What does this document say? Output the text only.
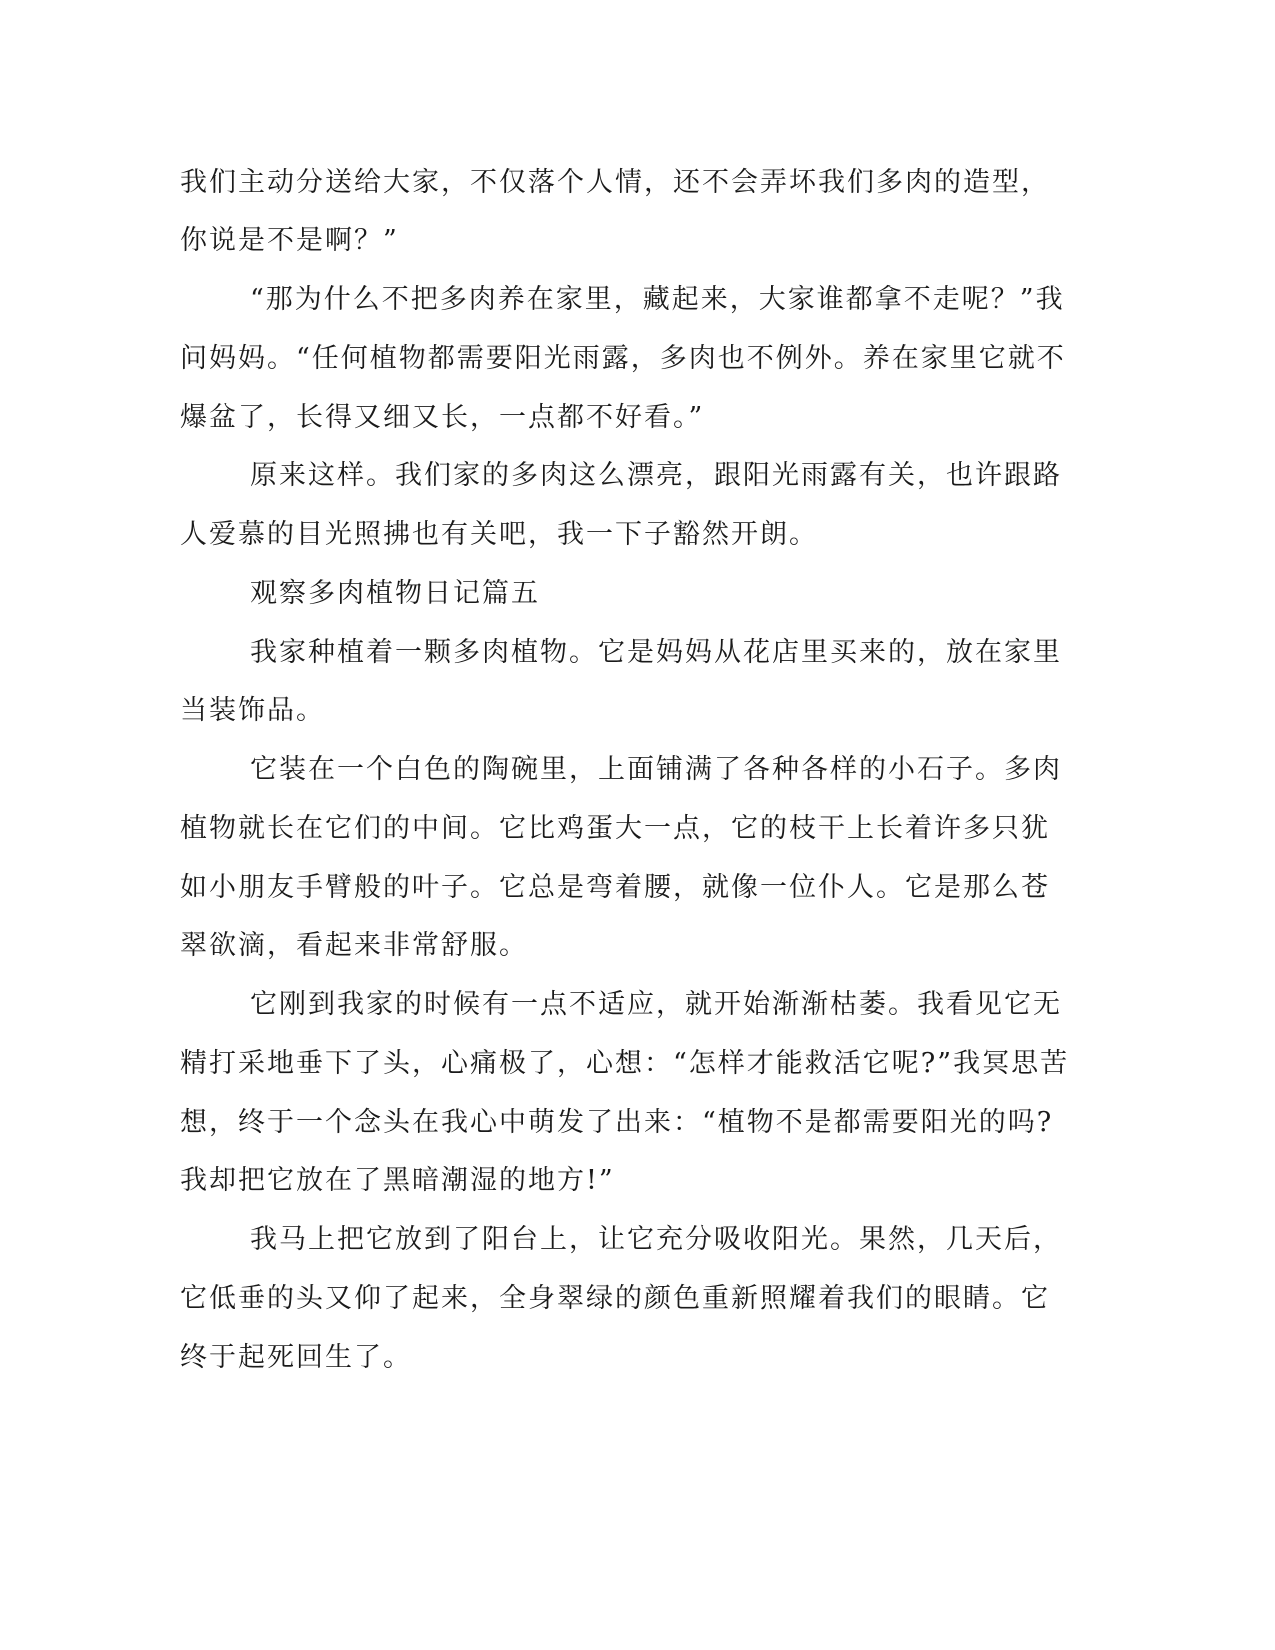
我们主动分送给大家，不仅落个人情，还不会弄坏我们多肉的造型，
你说是不是啊？”
“那为什么不把多肉养在家里，藏起来，大家谁都拿不走呢？”我
问妈妈。“任何植物都需要阳光雨露，多肉也不例外。养在家里它就不
爆盆了，长得又细又长，一点都不好看。”
原来这样。我们家的多肉这么漂亮，跟阳光雨露有关，也许跟路
人爱慕的目光照拂也有关吧，我一下子豁然开朗。
观察多肉植物日记篇五
我家种植着一颗多肉植物。它是妈妈从花店里买来的，放在家里
当装饰品。
它装在一个白色的陶碗里，上面铺满了各种各样的小石子。多肉
植物就长在它们的中间。它比鸡蛋大一点，它的枝干上长着许多只犹
如小朋友手臂般的叶子。它总是弯着腰，就像一位仆人。它是那么苍
翠欲滴，看起来非常舒服。
它刚到我家的时候有一点不适应，就开始渐渐枯萎。我看见它无
精打采地垂下了头，心痛极了，心想：“怎样才能救活它呢?”我冥思苦
想，终于一个念头在我心中萌发了出来：“植物不是都需要阳光的吗?
我却把它放在了黑暗潮湿的地方!”
我马上把它放到了阳台上，让它充分吸收阳光。果然，几天后，
它低垂的头又仰了起来，全身翠绿的颜色重新照耀着我们的眼睛。它
终于起死回生了。
